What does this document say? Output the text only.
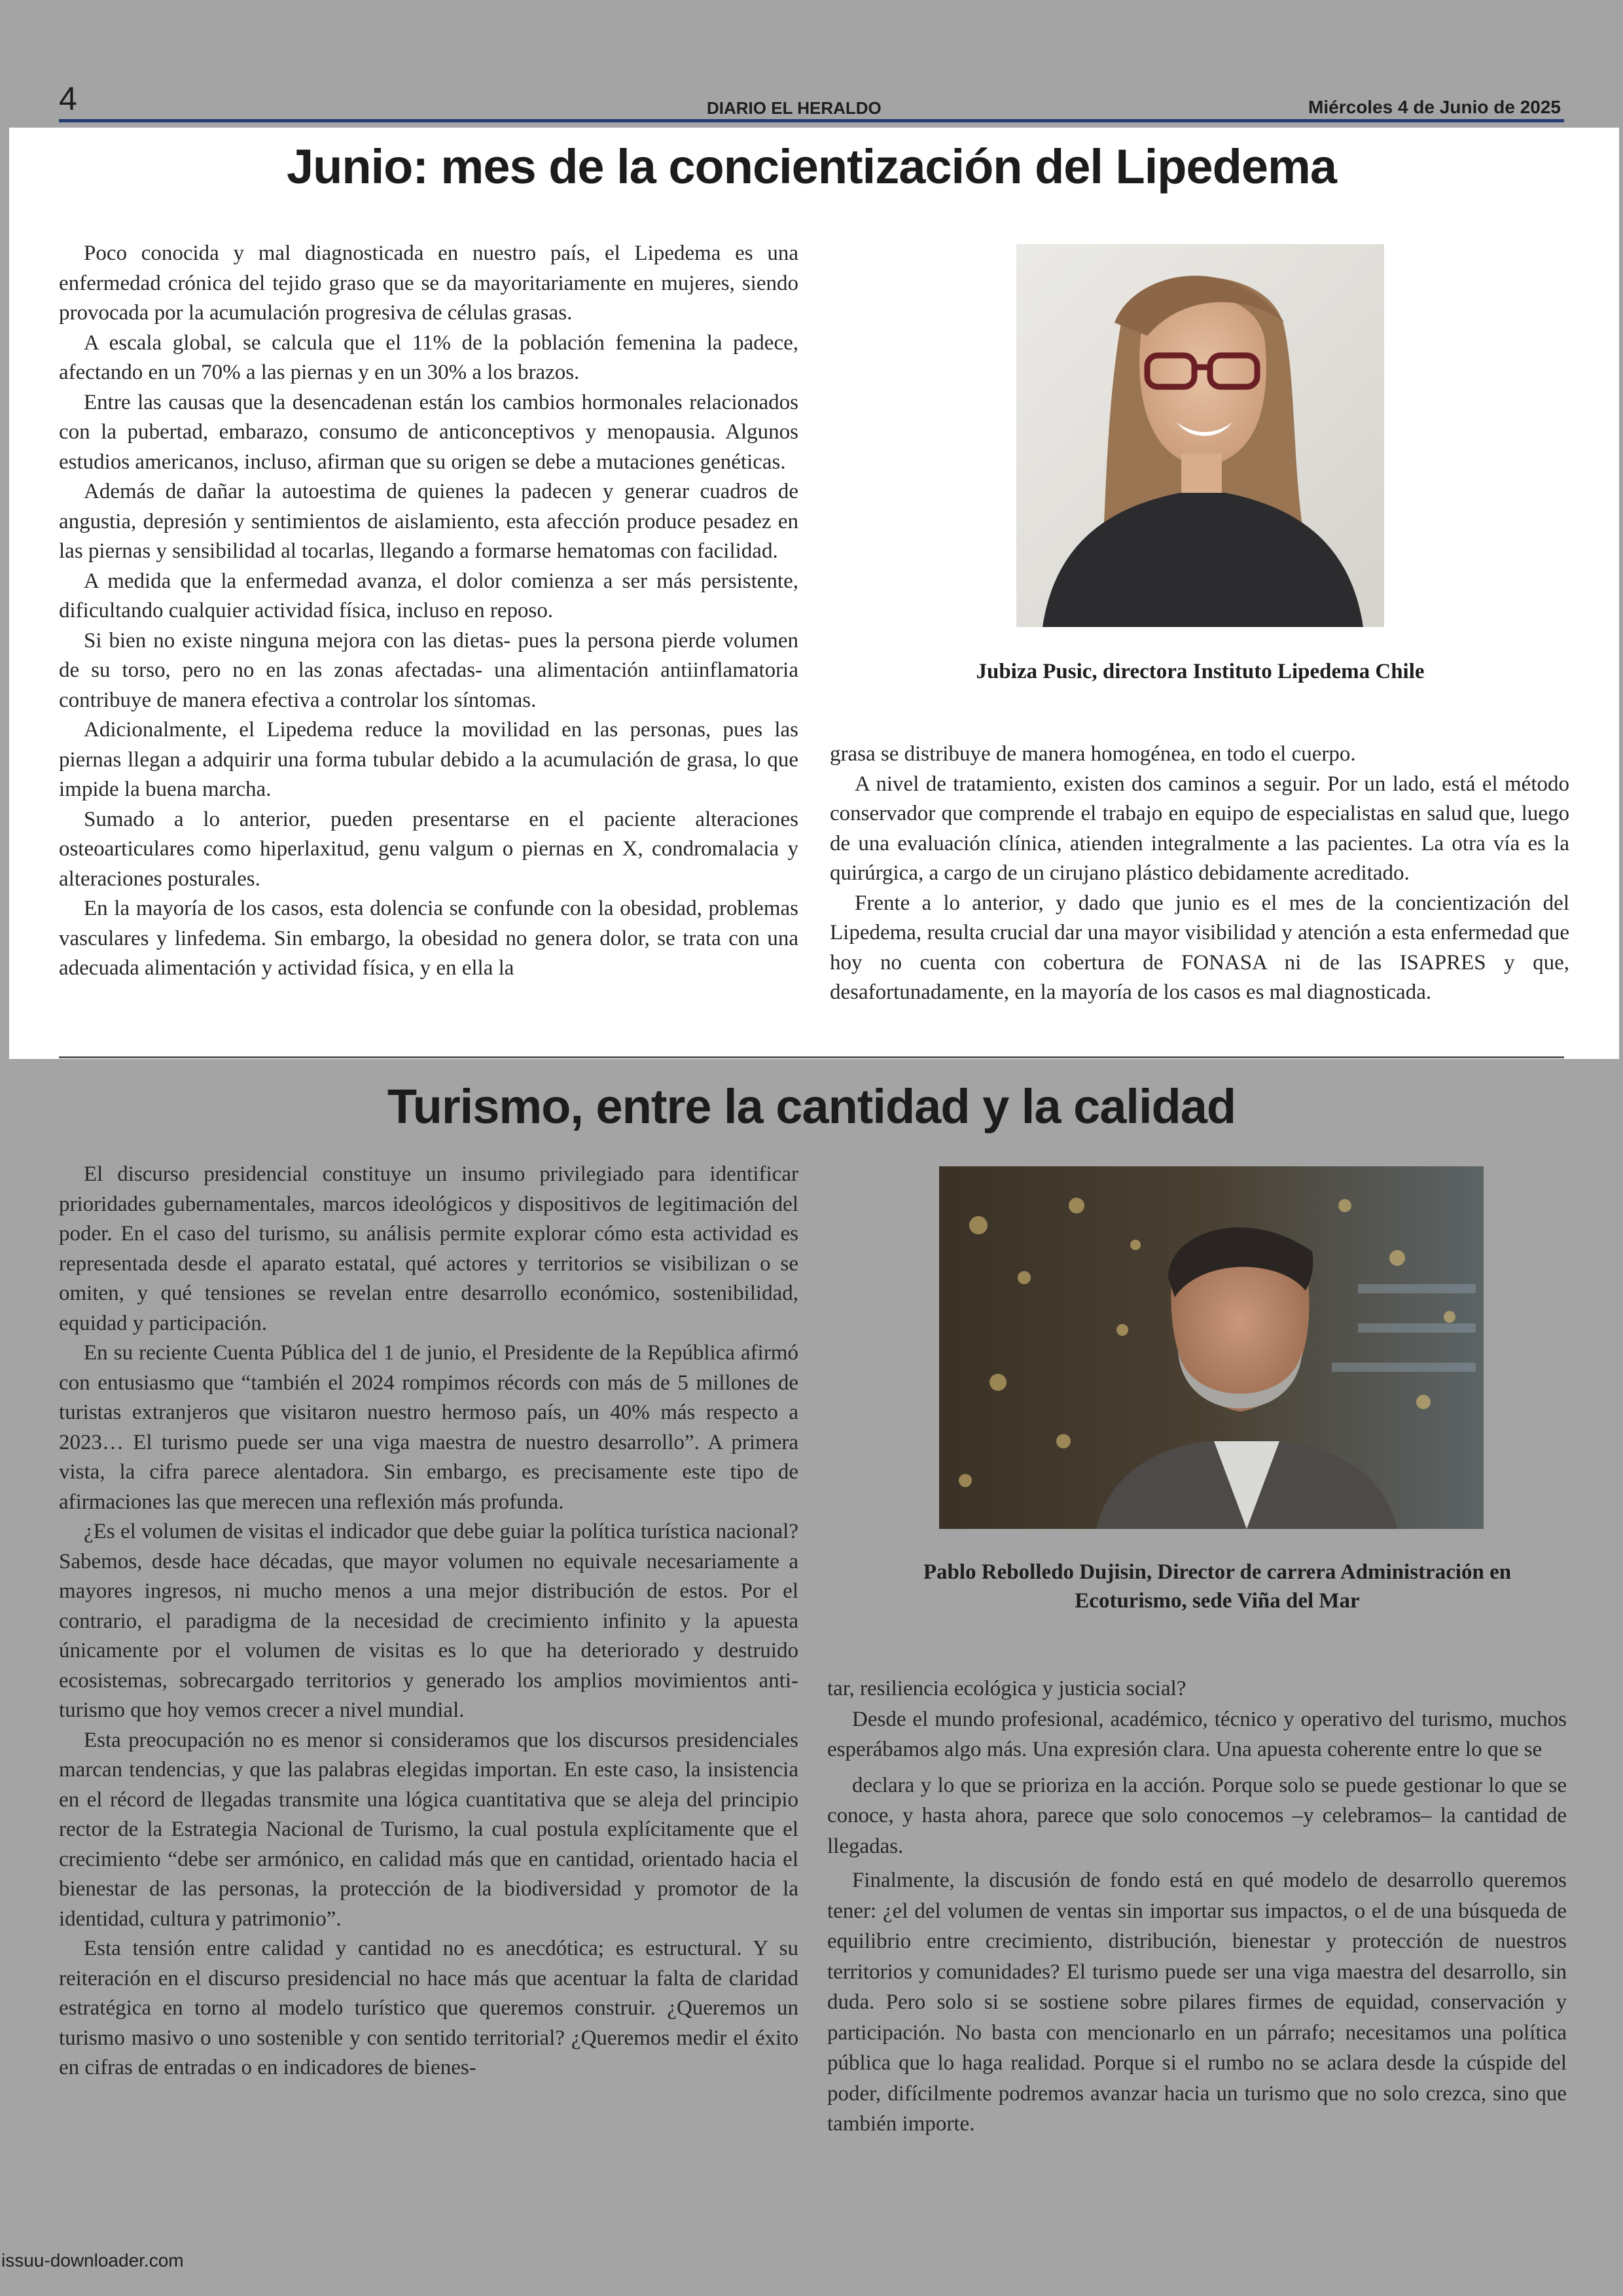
4	DIARIO EL HERALDO	Miércoles 4 de Junio de 2025
Junio: mes de la concientización del Lipedema

Poco conocida y mal diagnosticada en nuestro país, el Lipedema es una enfermedad crónica del tejido graso que se da mayoritariamente en mujeres, siendo provocada por la acumulación progresiva de células grasas.

A escala global, se calcula que el 11% de la población femenina la padece, afectando en un 70% a las piernas y en un 30% a los brazos.

Entre las causas que la desencadenan están los cambios hormonales relacionados con la pubertad, embarazo, consumo de anticonceptivos y menopausia. Algunos estudios americanos, incluso, afirman que su origen se debe a mutaciones genéticas.

Además de dañar la autoestima de quienes la padecen y generar cuadros de angustia, depresión y sentimientos de aislamiento, esta afección produce pesadez en las piernas y sensibilidad al tocarlas, llegando a formarse hematomas con facilidad.

A medida que la enfermedad avanza, el dolor comienza a ser más persistente, dificultando cualquier actividad física, incluso en reposo.

Si bien no existe ninguna mejora con las dietas- pues la persona pierde volumen de su torso, pero no en las zonas afectadas- una alimentación antiinflamatoria contribuye de manera efectiva a controlar los síntomas.

Adicionalmente, el Lipedema reduce la movilidad en las personas, pues las piernas llegan a adquirir una forma tubular debido a la acumulación de grasa, lo que impide la buena marcha.

Sumado a lo anterior, pueden presentarse en el paciente alteraciones osteoarticulares como hiperlaxitud, genu valgum o piernas en X, condromalacia y alteraciones posturales.

En la mayoría de los casos, esta dolencia se confunde con la obesidad, problemas vasculares y linfedema. Sin embargo, la obesidad no genera dolor, se trata con una adecuada alimentación y actividad física, y en ella la

Jubiza Pusic, directora Instituto Lipedema Chile

grasa se distribuye de manera homogénea, en todo el cuerpo.

A nivel de tratamiento, existen dos caminos a seguir. Por un lado, está el método conservador que comprende el trabajo en equipo de especialistas en salud que, luego de una evaluación clínica, atienden integralmente a las pacientes. La otra vía es la quirúrgica, a cargo de un cirujano plástico debidamente acreditado.

Frente a lo anterior, y dado que junio es el mes de la concientización del Lipedema, resulta crucial dar una mayor visibilidad y atención a esta enfermedad que hoy no cuenta con cobertura de FONASA ni de las ISAPRES y que, desafortunadamente, en la mayoría de los casos es mal diagnosticada.

Turismo, entre la cantidad y la calidad

El discurso presidencial constituye un insumo privilegiado para identificar prioridades gubernamentales, marcos ideológicos y dispositivos de legitimación del poder. En el caso del turismo, su análisis permite explorar cómo esta actividad es representada desde el aparato estatal, qué actores y territorios se visibilizan o se omiten, y qué tensiones se revelan entre desarrollo económico, sostenibilidad, equidad y participación.

En su reciente Cuenta Pública del 1 de junio, el Presidente de la República afirmó con entusiasmo que “también el 2024 rompimos récords con más de 5 millones de turistas extranjeros que visitaron nuestro hermoso país, un 40% más respecto a 2023… El turismo puede ser una viga maestra de nuestro desarrollo”. A primera vista, la cifra parece alentadora. Sin embargo, es precisamente este tipo de afirmaciones las que merecen una reflexión más profunda.

¿Es el volumen de visitas el indicador que debe guiar la política turística nacional? Sabemos, desde hace décadas, que mayor volumen no equivale necesariamente a mayores ingresos, ni mucho menos a una mejor distribución de estos. Por el contrario, el paradigma de la necesidad de crecimiento infinito y la apuesta únicamente por el volumen de visitas es lo que ha deteriorado y destruido ecosistemas, sobrecargado territorios y generado los amplios movimientos anti-turismo que hoy vemos crecer a nivel mundial.

Esta preocupación no es menor si consideramos que los discursos presidenciales marcan tendencias, y que las palabras elegidas importan. En este caso, la insistencia en el récord de llegadas transmite una lógica cuantitativa que se aleja del principio rector de la Estrategia Nacional de Turismo, la cual postula explícitamente que el crecimiento “debe ser armónico, en calidad más que en cantidad, orientado hacia el bienestar de las personas, la protección de la biodiversidad y promotor de la identidad, cultura y patrimonio”.

Esta tensión entre calidad y cantidad no es anecdótica; es estructural. Y su reiteración en el discurso presidencial no hace más que acentuar la falta de claridad estratégica en torno al modelo turístico que queremos construir. ¿Queremos un turismo masivo o uno sostenible y con sentido territorial? ¿Queremos medir el éxito en cifras de entradas o en indicadores de bienes-

Pablo Rebolledo Dujisin, Director de carrera Administración en Ecoturismo, sede Viña del Mar

tar, resiliencia ecológica y justicia social?

Desde el mundo profesional, académico, técnico y operativo del turismo, muchos esperábamos algo más. Una expresión clara. Una apuesta coherente entre lo que se

declara y lo que se prioriza en la acción. Porque solo se puede gestionar lo que se conoce, y hasta ahora, parece que solo conocemos –y celebramos– la cantidad de llegadas.

Finalmente, la discusión de fondo está en qué modelo de desarrollo queremos tener: ¿el del volumen de ventas sin importar sus impactos, o el de una búsqueda de equilibrio entre crecimiento, distribución, bienestar y protección de nuestros territorios y comunidades? El turismo puede ser una viga maestra del desarrollo, sin duda. Pero solo si se sostiene sobre pilares firmes de equidad, conservación y participación. No basta con mencionarlo en un párrafo; necesitamos una política pública que lo haga realidad. Porque si el rumbo no se aclara desde la cúspide del poder, difícilmente podremos avanzar hacia un turismo que no solo crezca, sino que también importe.

issuu-downloader.com
